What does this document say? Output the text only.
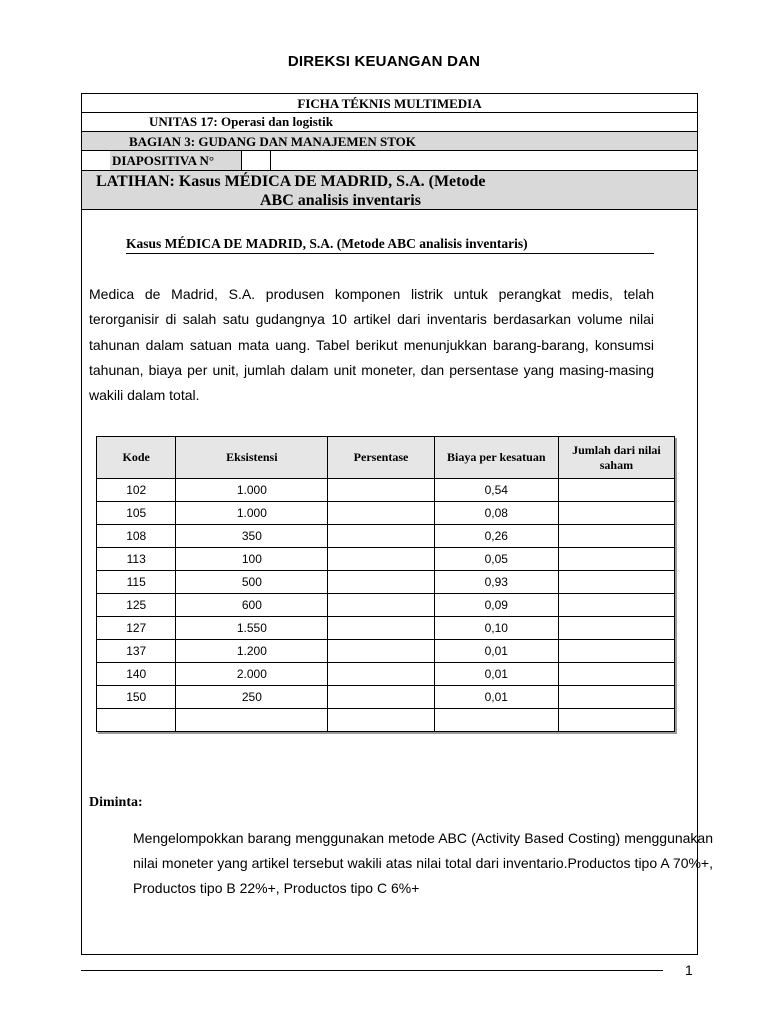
DIREKSI KEUANGAN DAN
FICHA TÉKNIS MULTIMEDIA
UNITAS 17: Operasi dan logistik
BAGIAN 3: GUDANG DAN MANAJEMEN STOK
DIAPOSITIVA N°
LATIHAN: Kasus MÉDICA DE MADRID, S.A. (Metode
ABC analisis inventaris
Kasus MÉDICA DE MADRID, S.A. (Metode ABC analisis inventaris)
Medica de Madrid, S.A. produsen komponen listrik untuk perangkat medis, telah terorganisir di salah satu gudangnya 10 artikel dari inventaris berdasarkan volume nilai tahunan dalam satuan mata uang. Tabel berikut menunjukkan barang-barang, konsumsi tahunan, biaya per unit, jumlah dalam unit moneter, dan persentase yang masing-masing wakili dalam total.
Kode	Eksistensi	Persentase	Biaya per kesatuan	Jumlah dari nilai saham
102	1.000		0,54	
105	1.000		0,08	
108	350		0,26	
113	100		0,05	
115	500		0,93	
125	600		0,09	
127	1.550		0,10	
137	1.200		0,01	
140	2.000		0,01	
150	250		0,01	

Diminta:
Mengelompokkan barang menggunakan metode ABC (Activity Based Costing) menggunakan nilai moneter yang artikel tersebut wakili atas nilai total dari inventario.Productos tipo A 70%+, Productos tipo B 22%+, Productos tipo C 6%+
1
